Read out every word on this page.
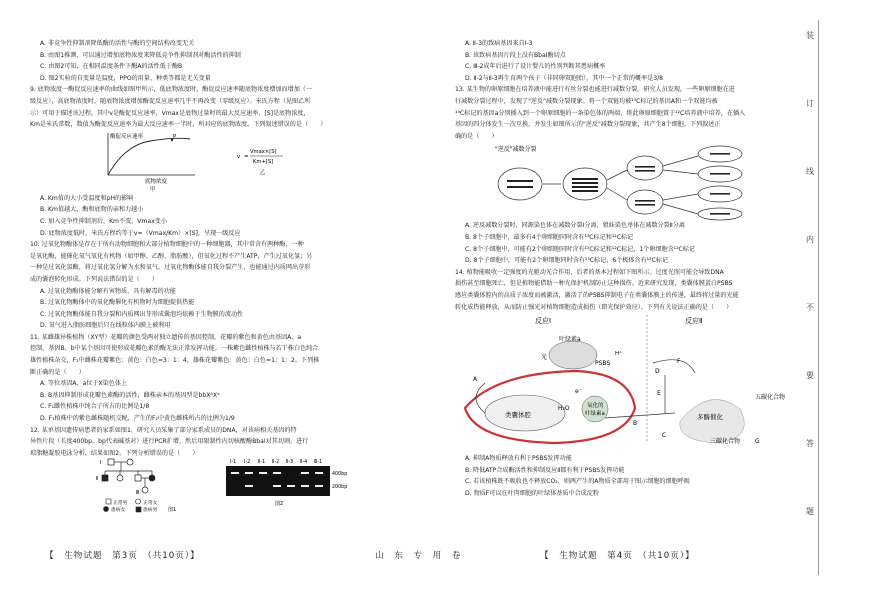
装
订
线
内
不
要
答
题

A. 非竞争性抑制剂降低酶的活性与酶的空间结构改变无关

B. 由图1推测，可以通过增加底物浓度来降低竞争性抑制剂对酶活性的抑制

C. 由图2可知，在相同温度条件下酶A的活性低于酶B

D. 图2实验的自变量是温度，PPO的用量、种类等都是无关变量

9. 底物浓度一酶促反应速率的曲线如图甲所示，低底物浓度时，酶促反应速率随底物浓度增加而增加（一

级反应），高底物浓度时，随底物浓度增加酶促反应速率几乎不再改变（零级反应）。米氏方程（见图乙所

示）可用于描述该过程，其中v是酶促反应速率，Vmax是底物过量时的最大反应速率，[S]是底物浓度，

Km是米氏常数，数值为酶促反应速率为最大反应速率一半时，所对应的底物浓度。下列叙述错误的是（　　）

酶促反应速率	P
底物浓度
甲
v =
Vmax×[S]
Km+[S]
乙

A. Km值的大小受温度和pH的影响

B. Km值越大，酶和底物的亲和力越小

C. 加入竞争性抑制剂后，Km不变，Vmax变小

D. 底物浓度低时，米氏方程约等于v=（Vmax/Km）×[S]，呈现一级反应

10. 过氧化物酶体是存在于所有动物细胞和大部分植物细胞中的一种细胞器，其中常含有两种酶，一种

是氧化酶，能催化氧气氧化有机物（如甲醇、乙醇、脂肪酸），但氧化过程不产生ATP，产生过氧化氢；另

一种是过氧化氢酶，将过氧化氢分解为水和氧气。过氧化物酶体能自我分裂产生，也能通过内质网出芽形

成的囊泡转化形成。下列说法错误的是（　　）

A. 过氧化物酶体能分解有害物质，具有解毒的功能

B. 过氧化物酶体中的氧化酶催化有机物时为细胞提供热能

C. 过氧化物酶体能自我分裂和内质网出芽形成囊泡均依赖于生物膜的流动性

D. 氧气进入脂肪细胞后只在线粒体内膜上被利用

11. 某雌雄异株植物（XY型）花瓣的颜色受两对独立遗传的基因控制，花瓣的紫色和黄色由基因A、a

控制，基因B、b中某个基因可使形成花瓣色素的酶无法正常发挥功能。一株紫色雌性植株与若干株白色纯合

雄性植株杂交，F₁中雌株花瓣紫色：黄色：白色=3：1：4，雄株花瓣紫色：黄色：白色=1：1：2。下列推

断正确的是（　　）

A. 等位基因A、a位于X染色体上

B. B基因抑制形成花瓣色素酶的活性，雌株亲本的基因型是bbXᴬXᵃ

C. F₁雌性植株中纯合子所占的比例是1/8

D. F₁植株中的紫色雌株随机交配，产生的F₂中黄色雌株所占的比例为1/9

12. 某单基因遗传病患者的家系如图1，研究人员采集了部分家系成员的DNA，对该病相关基因的特

异性片段（长度400bp，bp代表碱基对）进行PCR扩增，然后用限制性内切核酸酶BbaⅠ对其切割，进行

琼脂糖凝胶电泳分析，结果如图2。下列分析错误的是（　　）

Ⅰ
Ⅱ
Ⅲ
正常男	正常女
患病女	患病男 图1
Ⅰ-1 Ⅰ-2 Ⅱ-1 Ⅱ-2 Ⅱ-3 Ⅱ-4 Ⅲ-1
400bp
200bp
图2

A. Ⅱ-3的致病基因来自Ⅰ-3

B. 该致病基因片段上没有BbaⅠ酶切点

C. Ⅲ-2成年后进行了设计婴儿的性别判断其患病概率

D. Ⅱ-2与Ⅱ-3再生育两个孩子（非同卵双胞胎），其中一个正常的概率是3/8

13. 某生物的卵原细胞在培养液中能进行有丝分裂也能进行减数分裂。研究人员发现，一些卵原细胞在进

行减数分裂过程中，发现了"逆反"减数分裂现象。将一个双链均被¹³C标记的基因A和一个双链均被

¹³C标记的基因a分别插入到一个卵原细胞的一条染色体的两端，将此卵原细胞置于¹²C培养液中培养，在插入

基因的四分体发生一次互换，并发生如图所示的"逆反"减数分裂现象，共产生8个细胞。下列叙述正

确的是（　　）

"逆反"减数分裂

A. 逆反减数分裂时，同源染色体在减数分裂Ⅰ分离，姐妹染色单体在减数分裂Ⅱ分离

B. 8个子细胞中，最多有4个卵细胞同时含有¹³C标记和¹²C标记

C. 8个子细胞中，可能有2个卵细胞同时含有¹³C标记和¹²C标记，1个卵细胞含¹²C标记

D. 8个子细胞中，可能有2个卵细胞同时含有¹³C标记，6个极体含有¹²C标记

14. 植物能吸收一定强度的光驱动光合作用，后者的基本过程如下图所示。过度光照可能会导致DNA

损伤甚至细胞死亡，但是植物能借助一种光保护机制防止这种损伤。近来研究发现，类囊体膜蛋白PSBS

感应类囊体腔内的高质子浓度而被激活，激活了的PSBS抑制电子在类囊体膜上的传递，最终将过量的光能

转化成热能释放，从而防止强光对植物细胞造成损伤（即光保护效应）。下列有关说法正确的是（　　）

反应Ⅰ	反应Ⅱ
类囊体腔
叶绿素a
PSBS
氧化的
叶绿素a
H₂O
光
e⁻
H⁺
多酶催化
五碳化合物
三碳化合物
A
B
C
D
E
F
G

A. 抑制A物质释放有利于PSBS发挥功能

B. 降低ATP合成酶活性和抑制反应Ⅱ都有利于PSBS发挥功能

C. 若该植株既不吸收也不释放CO₂，则两产生的A物质全部用于图示细胞的细胞呼吸

D. 物质F可以在叶肉细胞的叶绿体基质中合成淀粉

【　生物试题　第3页　（共10页）】	山　东　专　用　卷	【　生物试题　第4页　（共10页）】
